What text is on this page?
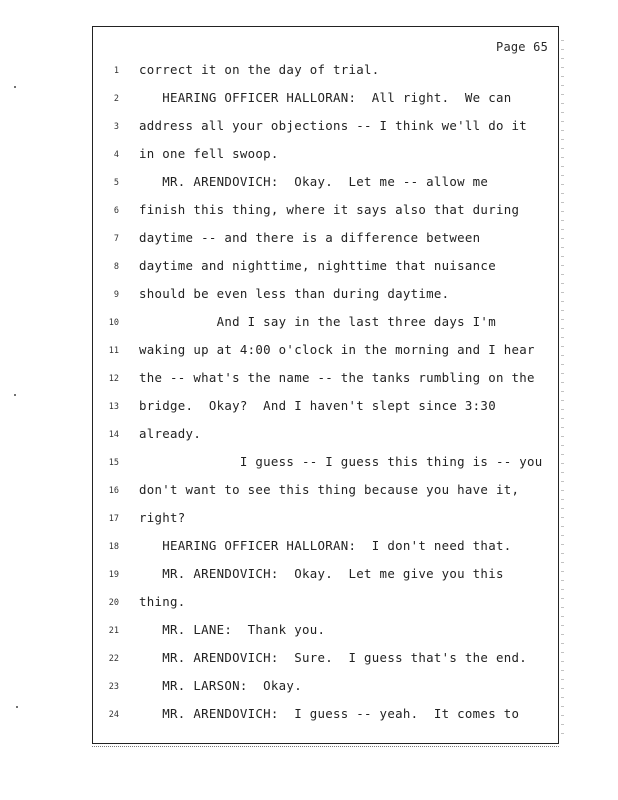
Page 65
1 correct it on the day of trial.
2 HEARING OFFICER HALLORAN:  All right.  We can
3 address all your objections -- I think we'll do it
4 in one fell swoop.
5 MR. ARENDOVICH:  Okay.  Let me -- allow me
6 finish this thing, where it says also that during
7 daytime -- and there is a difference between
8 daytime and nighttime, nighttime that nuisance
9 should be even less than during daytime.
10 And I say in the last three days I'm
11 waking up at 4:00 o'clock in the morning and I hear
12 the -- what's the name -- the tanks rumbling on the
13 bridge.  Okay?  And I haven't slept since 3:30
14 already.
15 I guess -- I guess this thing is -- you
16 don't want to see this thing because you have it,
17 right?
18 HEARING OFFICER HALLORAN:  I don't need that.
19 MR. ARENDOVICH:  Okay.  Let me give you this
20 thing.
21 MR. LANE:  Thank you.
22 MR. ARENDOVICH:  Sure.  I guess that's the end.
23 MR. LARSON:  Okay.
24 MR. ARENDOVICH:  I guess -- yeah.  It comes to
